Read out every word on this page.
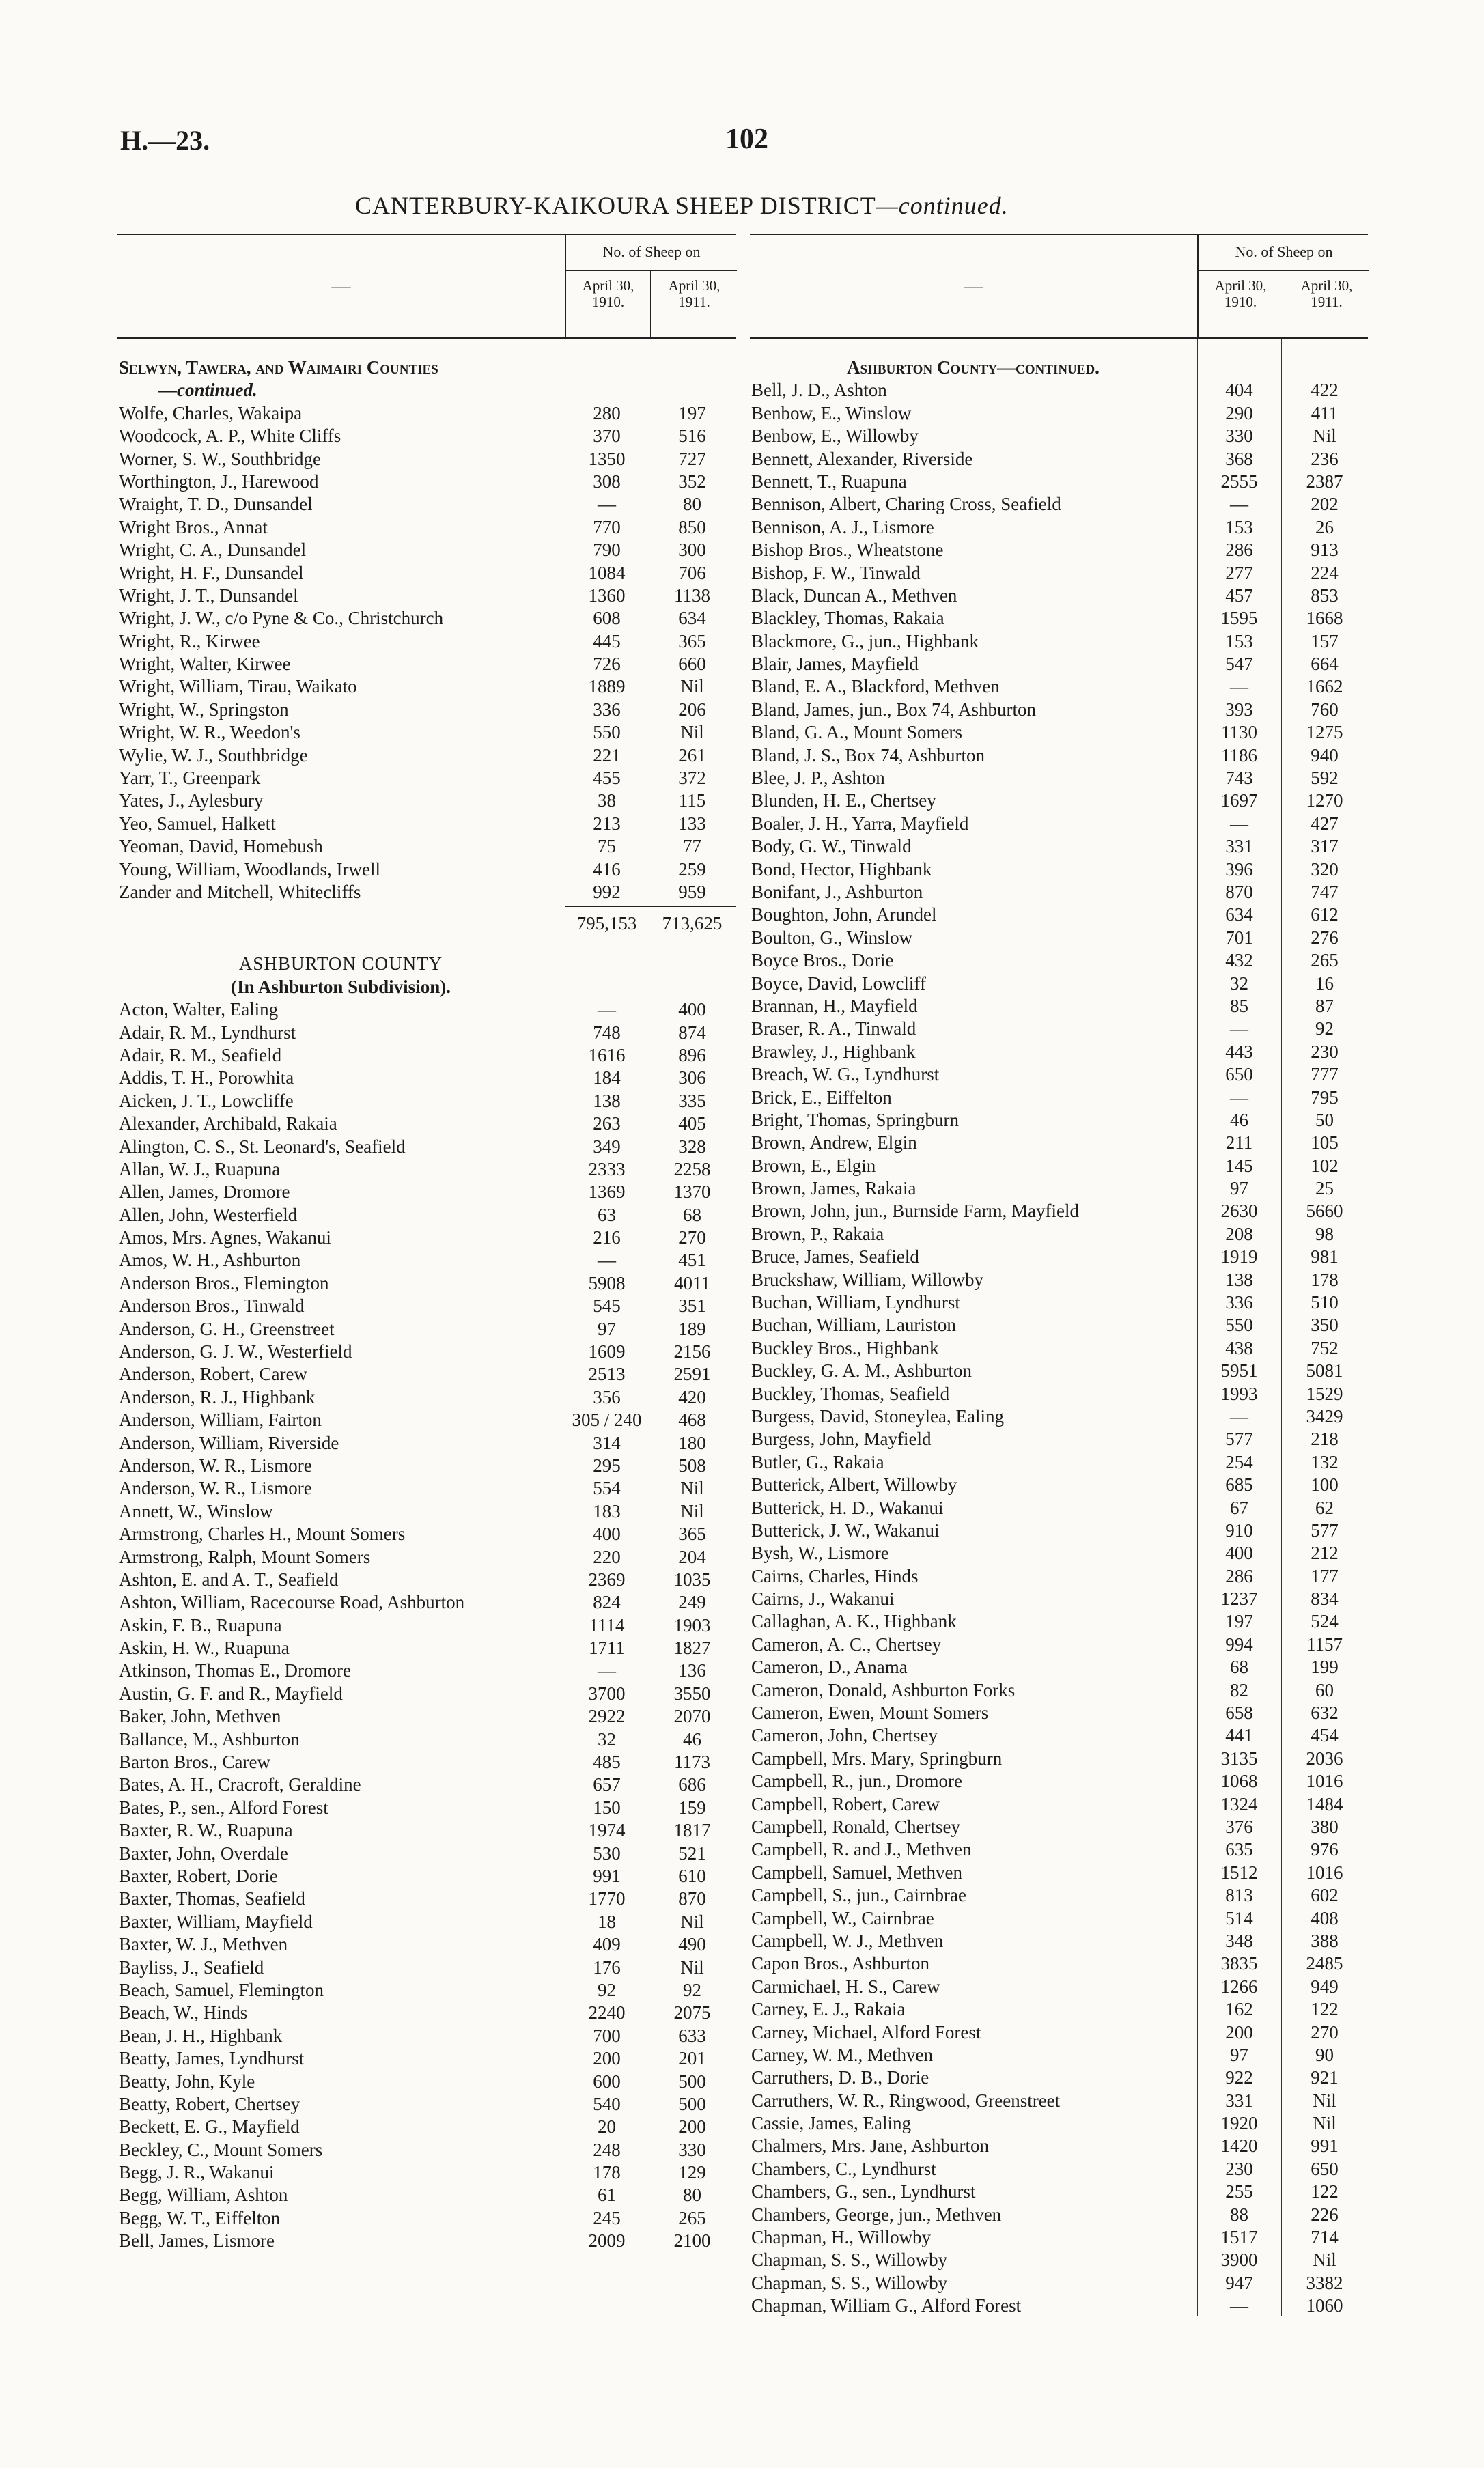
H.—23.	102
CANTERBURY-KAIKOURA SHEEP DISTRICT—continued.
—
No. of Sheep on
April 30, 1910.
April 30, 1911.
Selwyn, Tawera, and Waimairi Counties
—continued.
Wolfe, Charles, Wakaipa	280	197
Woodcock, A. P., White Cliffs	370	516
Worner, S. W., Southbridge	1350	727
Worthington, J., Harewood	308	352
Wraight, T. D., Dunsandel	—	80
Wright Bros., Annat	770	850
Wright, C. A., Dunsandel	790	300
Wright, H. F., Dunsandel	1084	706
Wright, J. T., Dunsandel	1360	1138
Wright, J. W., c/o Pyne & Co., Christchurch	608	634
Wright, R., Kirwee	445	365
Wright, Walter, Kirwee	726	660
Wright, William, Tirau, Waikato	1889	Nil
Wright, W., Springston	336	206
Wright, W. R., Weedon's	550	Nil
Wylie, W. J., Southbridge	221	261
Yarr, T., Greenpark	455	372
Yates, J., Aylesbury	38	115
Yeo, Samuel, Halkett	213	133
Yeoman, David, Homebush	75	77
Young, William, Woodlands, Irwell	416	259
Zander and Mitchell, Whitecliffs	992	959
795,153	713,625
ASHBURTON COUNTY
(In Ashburton Subdivision).
Acton, Walter, Ealing	—	400
Adair, R. M., Lyndhurst	748	874
Adair, R. M., Seafield	1616	896
Addis, T. H., Porowhita	184	306
Aicken, J. T., Lowcliffe	138	335
Alexander, Archibald, Rakaia	263	405
Alington, C. S., St. Leonard's, Seafield	349	328
Allan, W. J., Ruapuna	2333	2258
Allen, James, Dromore	1369	1370
Allen, John, Westerfield	63	68
Amos, Mrs. Agnes, Wakanui	216	270
Amos, W. H., Ashburton	—	451
Anderson Bros., Flemington	5908	4011
Anderson Bros., Tinwald	545	351
Anderson, G. H., Greenstreet	97	189
Anderson, G. J. W., Westerfield	1609	2156
Anderson, Robert, Carew	2513	2591
Anderson, R. J., Highbank	356	420
Anderson, William, Fairton	305 / 240	468
Anderson, William, Riverside	314	180
Anderson, W. R., Lismore	295	508
Anderson, W. R., Lismore	554	Nil
Annett, W., Winslow	183	Nil
Armstrong, Charles H., Mount Somers	400	365
Armstrong, Ralph, Mount Somers	220	204
Ashton, E. and A. T., Seafield	2369	1035
Ashton, William, Racecourse Road, Ashburton	824	249
Askin, F. B., Ruapuna	1114	1903
Askin, H. W., Ruapuna	1711	1827
Atkinson, Thomas E., Dromore	—	136
Austin, G. F. and R., Mayfield	3700	3550
Baker, John, Methven	2922	2070
Ballance, M., Ashburton	32	46
Barton Bros., Carew	485	1173
Bates, A. H., Cracroft, Geraldine	657	686
Bates, P., sen., Alford Forest	150	159
Baxter, R. W., Ruapuna	1974	1817
Baxter, John, Overdale	530	521
Baxter, Robert, Dorie	991	610
Baxter, Thomas, Seafield	1770	870
Baxter, William, Mayfield	18	Nil
Baxter, W. J., Methven	409	490
Bayliss, J., Seafield	176	Nil
Beach, Samuel, Flemington	92	92
Beach, W., Hinds	2240	2075
Bean, J. H., Highbank	700	633
Beatty, James, Lyndhurst	200	201
Beatty, John, Kyle	600	500
Beatty, Robert, Chertsey	540	500
Beckett, E. G., Mayfield	20	200
Beckley, C., Mount Somers	248	330
Begg, J. R., Wakanui	178	129
Begg, William, Ashton	61	80
Begg, W. T., Eiffelton	245	265
Bell, James, Lismore	2009	2100
—
No. of Sheep on
April 30, 1910.
April 30, 1911.
Ashburton County—continued.
Bell, J. D., Ashton	404	422
Benbow, E., Winslow	290	411
Benbow, E., Willowby	330	Nil
Bennett, Alexander, Riverside	368	236
Bennett, T., Ruapuna	2555	2387
Bennison, Albert, Charing Cross, Seafield	—	202
Bennison, A. J., Lismore	153	26
Bishop Bros., Wheatstone	286	913
Bishop, F. W., Tinwald	277	224
Black, Duncan A., Methven	457	853
Blackley, Thomas, Rakaia	1595	1668
Blackmore, G., jun., Highbank	153	157
Blair, James, Mayfield	547	664
Bland, E. A., Blackford, Methven	—	1662
Bland, James, jun., Box 74, Ashburton	393	760
Bland, G. A., Mount Somers	1130	1275
Bland, J. S., Box 74, Ashburton	1186	940
Blee, J. P., Ashton	743	592
Blunden, H. E., Chertsey	1697	1270
Boaler, J. H., Yarra, Mayfield	—	427
Body, G. W., Tinwald	331	317
Bond, Hector, Highbank	396	320
Bonifant, J., Ashburton	870	747
Boughton, John, Arundel	634	612
Boulton, G., Winslow	701	276
Boyce Bros., Dorie	432	265
Boyce, David, Lowcliff	32	16
Brannan, H., Mayfield	85	87
Braser, R. A., Tinwald	—	92
Brawley, J., Highbank	443	230
Breach, W. G., Lyndhurst	650	777
Brick, E., Eiffelton	—	795
Bright, Thomas, Springburn	46	50
Brown, Andrew, Elgin	211	105
Brown, E., Elgin	145	102
Brown, James, Rakaia	97	25
Brown, John, jun., Burnside Farm, Mayfield	2630	5660
Brown, P., Rakaia	208	98
Bruce, James, Seafield	1919	981
Bruckshaw, William, Willowby	138	178
Buchan, William, Lyndhurst	336	510
Buchan, William, Lauriston	550	350
Buckley Bros., Highbank	438	752
Buckley, G. A. M., Ashburton	5951	5081
Buckley, Thomas, Seafield	1993	1529
Burgess, David, Stoneylea, Ealing	—	3429
Burgess, John, Mayfield	577	218
Butler, G., Rakaia	254	132
Butterick, Albert, Willowby	685	100
Butterick, H. D., Wakanui	67	62
Butterick, J. W., Wakanui	910	577
Bysh, W., Lismore	400	212
Cairns, Charles, Hinds	286	177
Cairns, J., Wakanui	1237	834
Callaghan, A. K., Highbank	197	524
Cameron, A. C., Chertsey	994	1157
Cameron, D., Anama	68	199
Cameron, Donald, Ashburton Forks	82	60
Cameron, Ewen, Mount Somers	658	632
Cameron, John, Chertsey	441	454
Campbell, Mrs. Mary, Springburn	3135	2036
Campbell, R., jun., Dromore	1068	1016
Campbell, Robert, Carew	1324	1484
Campbell, Ronald, Chertsey	376	380
Campbell, R. and J., Methven	635	976
Campbell, Samuel, Methven	1512	1016
Campbell, S., jun., Cairnbrae	813	602
Campbell, W., Cairnbrae	514	408
Campbell, W. J., Methven	348	388
Capon Bros., Ashburton	3835	2485
Carmichael, H. S., Carew	1266	949
Carney, E. J., Rakaia	162	122
Carney, Michael, Alford Forest	200	270
Carney, W. M., Methven	97	90
Carruthers, D. B., Dorie	922	921
Carruthers, W. R., Ringwood, Greenstreet	331	Nil
Cassie, James, Ealing	1920	Nil
Chalmers, Mrs. Jane, Ashburton	1420	991
Chambers, C., Lyndhurst	230	650
Chambers, G., sen., Lyndhurst	255	122
Chambers, George, jun., Methven	88	226
Chapman, H., Willowby	1517	714
Chapman, S. S., Willowby	3900	Nil
Chapman, S. S., Willowby	947	3382
Chapman, William G., Alford Forest	—	1060
